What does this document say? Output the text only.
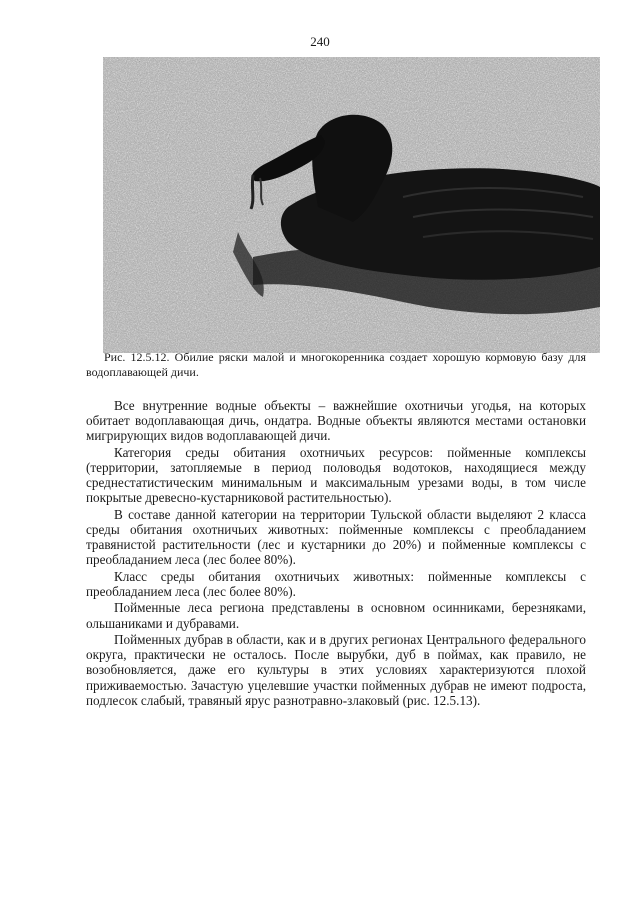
240
Рис. 12.5.12. Обилие ряски малой и многокоренника создает хорошую кормовую базу для водоплавающей дичи.

Все внутренние водные объекты – важнейшие охотничьи угодья, на которых обитает водоплавающая дичь, ондатра. Водные объекты являются местами остановки мигрирующих видов водоплавающей дичи.

Категория среды обитания охотничьих ресурсов: пойменные комплексы (территории, затопляемые в период половодья водотоков, находящиеся между среднестатистическим минимальным и максимальным урезами воды, в том числе покрытые древесно-кустарниковой растительностью).

В составе данной категории на территории Тульской области выделяют 2 класса среды обитания охотничьих животных: пойменные комплексы с преобладанием травянистой растительности (лес и кустарники до 20%) и пойменные комплексы с преобладанием леса (лес более 80%).

Класс среды обитания охотничьих животных: пойменные комплексы с преобладанием леса (лес более 80%).

Пойменные леса региона представлены в основном осинниками, березняками, ольшаниками и дубравами.

Пойменных дубрав в области, как и в других регионах Центрального федерального округа, практически не осталось. После вырубки, дуб в поймах, как правило, не возобновляется, даже его культуры в этих условиях характеризуются плохой приживаемостью. Зачастую уцелевшие участки пойменных дубрав не имеют подроста, подлесок слабый, травяный ярус разнотравно-злаковый (рис. 12.5.13).
